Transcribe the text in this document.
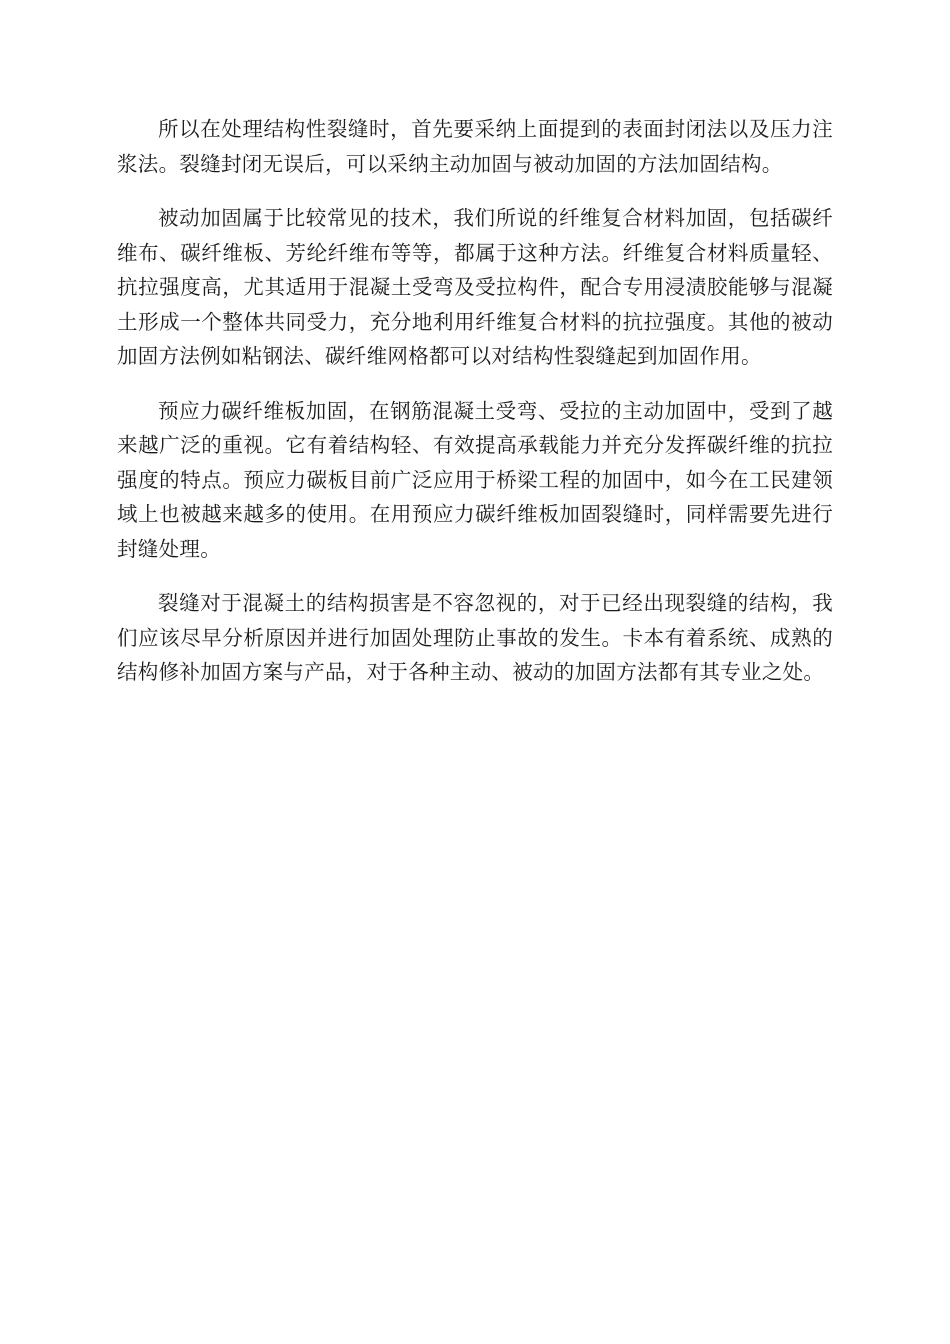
所以在处理结构性裂缝时，首先要采纳上面提到的表面封闭法以及压力注浆法。裂缝封闭无误后，可以采纳主动加固与被动加固的方法加固结构。

被动加固属于比较常见的技术，我们所说的纤维复合材料加固，包括碳纤维布、碳纤维板、芳纶纤维布等等，都属于这种方法。纤维复合材料质量轻、抗拉强度高，尤其适用于混凝土受弯及受拉构件，配合专用浸渍胶能够与混凝土形成一个整体共同受力，充分地利用纤维复合材料的抗拉强度。其他的被动加固方法例如粘钢法、碳纤维网格都可以对结构性裂缝起到加固作用。

预应力碳纤维板加固，在钢筋混凝土受弯、受拉的主动加固中，受到了越来越广泛的重视。它有着结构轻、有效提高承载能力并充分发挥碳纤维的抗拉强度的特点。预应力碳板目前广泛应用于桥梁工程的加固中，如今在工民建领域上也被越来越多的使用。在用预应力碳纤维板加固裂缝时，同样需要先进行封缝处理。

裂缝对于混凝土的结构损害是不容忽视的，对于已经出现裂缝的结构，我们应该尽早分析原因并进行加固处理防止事故的发生。卡本有着系统、成熟的结构修补加固方案与产品，对于各种主动、被动的加固方法都有其专业之处。
